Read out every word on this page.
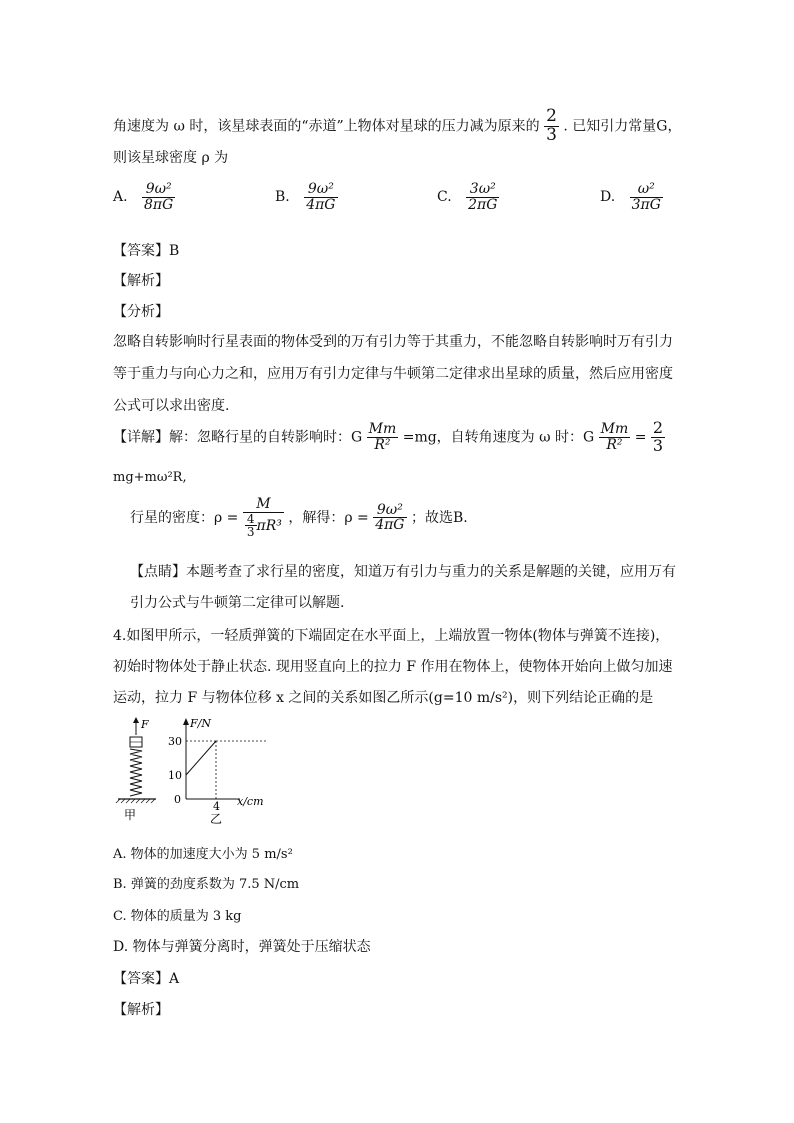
角速度为 ω 时，该星球表面的“赤道”上物体对星球的压力减为原来的 $\frac{2}{3}$ . 已知引力常量G，
则该星球密度 ρ 为
A. $\frac{\text{9ω²}}{8\pi G}$	B. $\frac{\text{9ω²}}{4\pi G}$	C. $\frac{\text{3ω²}}{2\pi G}$	D. $\frac{\text{ω²}}{3\pi G}$
【答案】B
【解析】
【分析】
忽略自转影响时行星表面的物体受到的万有引力等于其重力，不能忽略自转影响时万有引力
等于重力与向心力之和，应用万有引力定律与牛顿第二定律求出星球的质量，然后应用密度
公式可以求出密度.
【详解】解：忽略行星的自转影响时：G $\frac{Mm}{\text{R²}} =mg$，自转角速度为 ω 时：G $\frac{Mm}{\text{R²}} = \frac{2}{3}$
mg+mω²R,
行星的密度：$\rho = \frac{M}{\frac{4}{3} \pi R^3}$ ，解得：$\rho = \frac{\text{9ω²}}{4\pi G}$ ；故选B.
【点睛】本题考查了求行星的密度，知道万有引力与重力的关系是解题的关键，应用万有
引力公式与牛顿第二定律可以解题.
4.如图甲所示，一轻质弹簧的下端固定在水平面上，上端放置一物体(物体与弹簧不连接)，
初始时物体处于静止状态. 现用竖直向上的拉力 F 作用在物体上，使物体开始向上做匀加速
运动，拉力 F 与物体位移 x 之间的关系如图乙所示(g=10 m/s²)，则下列结论正确的是
F
甲
F/N
x/cm
30
10
0
4
乙
A. 物体的加速度大小为 5 m/s²
B. 弹簧的劲度系数为 7.5 N/cm
C. 物体的质量为 3 kg
D. 物体与弹簧分离时，弹簧处于压缩状态
【答案】A
【解析】
